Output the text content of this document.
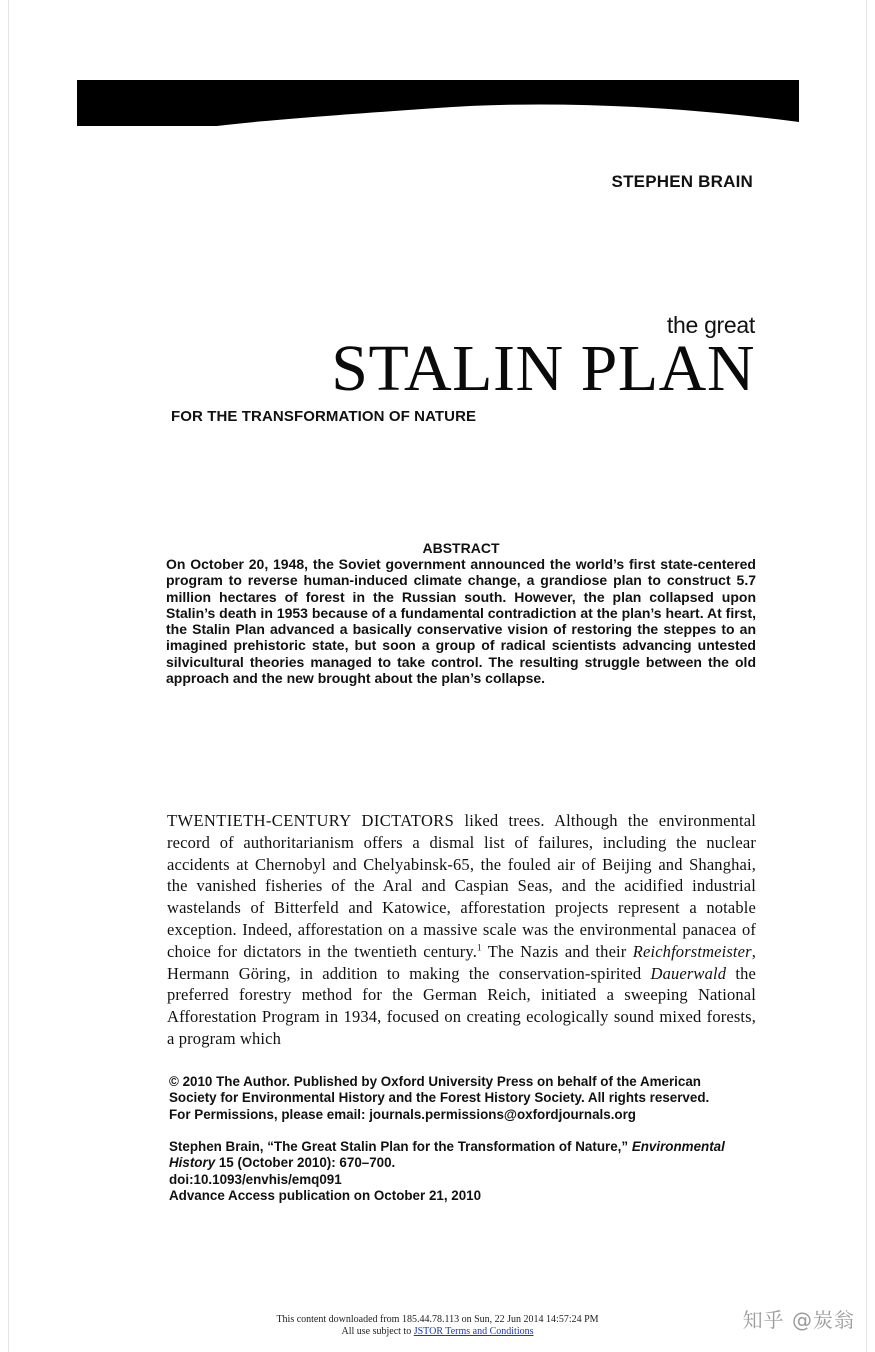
STEPHEN BRAIN
the great
STALIN PLAN
FOR THE TRANSFORMATION OF NATURE
ABSTRACT
On October 20, 1948, the Soviet government announced the world’s first state-centered program to reverse human-induced climate change, a grandiose plan to construct 5.7 million hectares of forest in the Russian south. However, the plan collapsed upon Stalin’s death in 1953 because of a fundamental contradiction at the plan’s heart. At first, the Stalin Plan advanced a basically conservative vision of restoring the steppes to an imagined prehistoric state, but soon a group of radical scientists advancing untested silvicultural theories managed to take control. The resulting struggle between the old approach and the new brought about the plan’s collapse.
TWENTIETH-CENTURY DICTATORS liked trees. Although the environmental record of authoritarianism offers a dismal list of failures, including the nuclear accidents at Chernobyl and Chelyabinsk-65, the fouled air of Beijing and Shanghai, the vanished fisheries of the Aral and Caspian Seas, and the acidified industrial wastelands of Bitterfeld and Katowice, afforestation projects represent a notable exception. Indeed, afforestation on a massive scale was the environmental panacea of choice for dictators in the twentieth century.$^1$ The Nazis and their Reichforstmeister, Hermann Göring, in addition to making the conservation-spirited Dauerwald the preferred forestry method for the German Reich, initiated a sweeping National Afforestation Program in 1934, focused on creating ecologically sound mixed forests, a program which
© 2010 The Author. Published by Oxford University Press on behalf of the American
Society for Environmental History and the Forest History Society. All rights reserved.
For Permissions, please email: journals.permissions@oxfordjournals.org
Stephen Brain, “The Great Stalin Plan for the Transformation of Nature,” Environmental
History 15 (October 2010): 670–700.
doi:10.1093/envhis/emq091
Advance Access publication on October 21, 2010
This content downloaded from 185.44.78.113 on Sun, 22 Jun 2014 14:57:24 PM
All use subject to JSTOR Terms and Conditions	知乎 @炭翁
